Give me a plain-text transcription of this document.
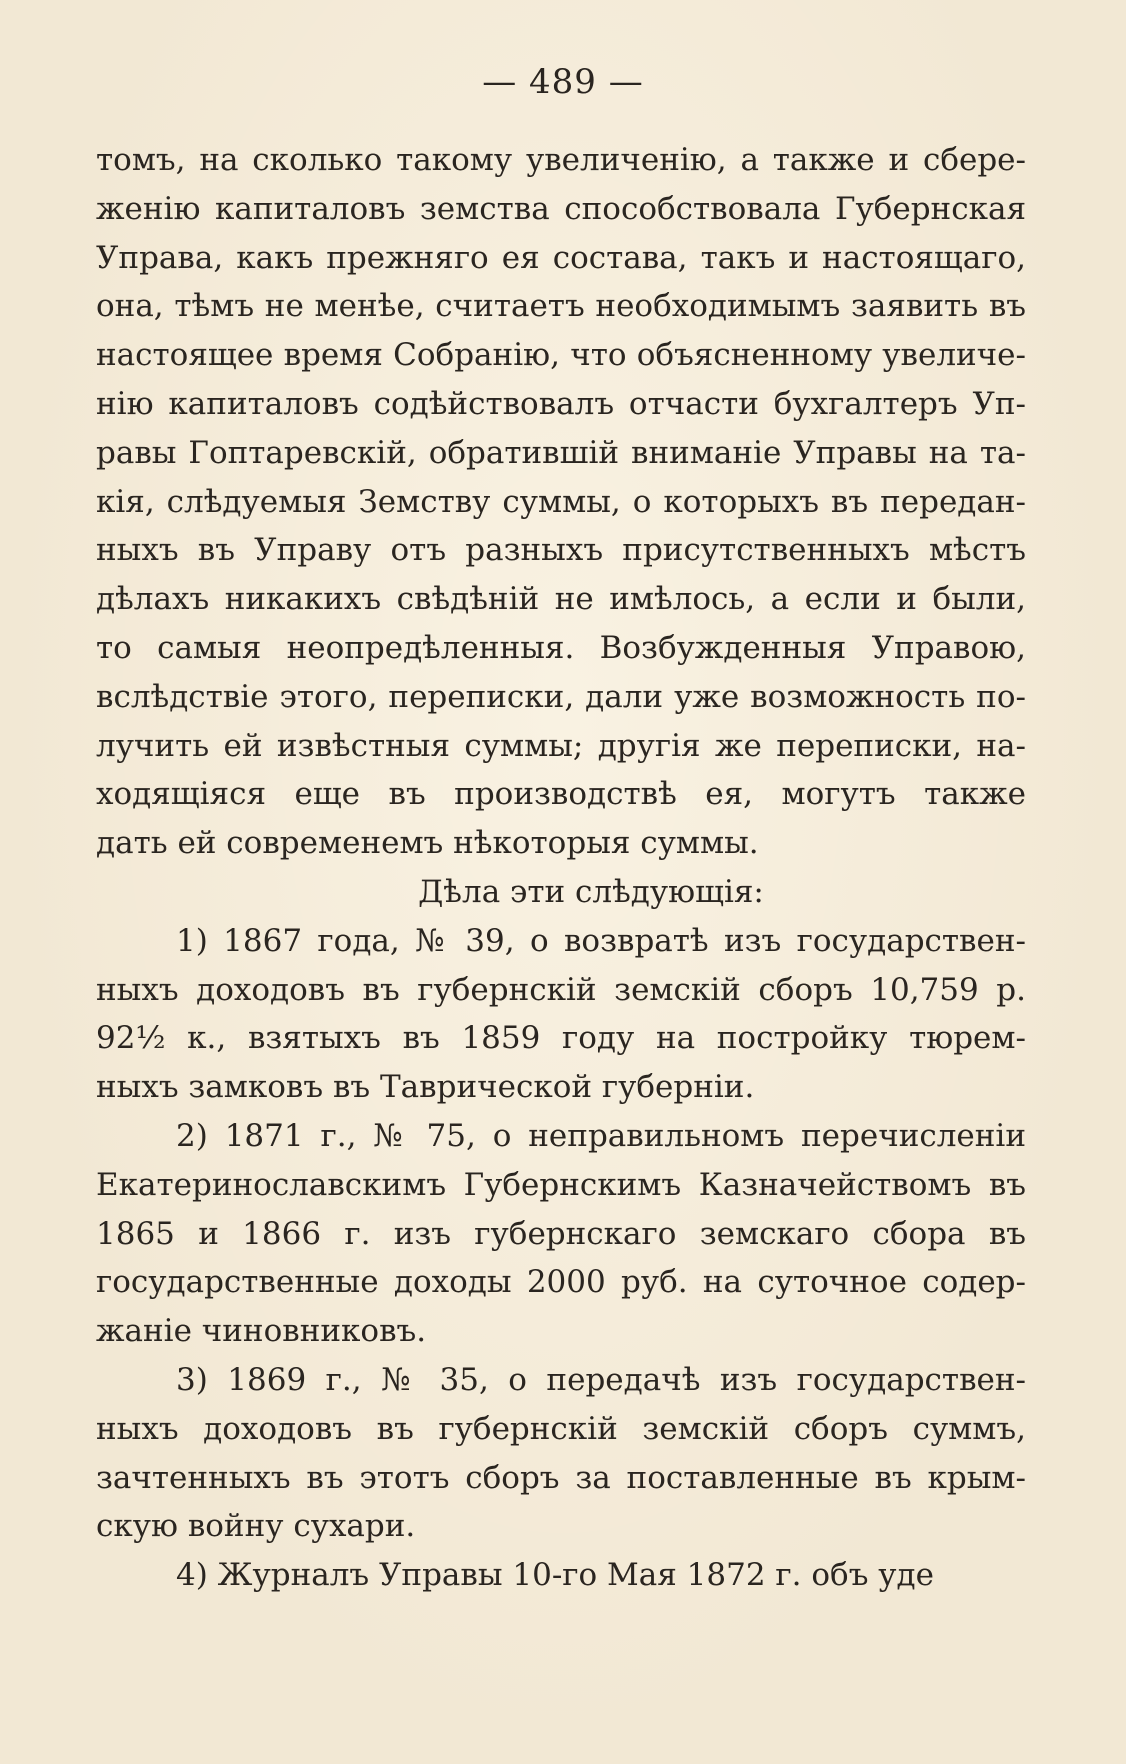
— 489 —
томъ, на сколько такому увеличенію, а также и сбере-
женію капиталовъ земства способствовала Губернская
Управа, какъ прежняго ея состава, такъ и настоящаго,
она, тѣмъ не менѣе, считаетъ необходимымъ заявить въ
настоящее время Собранію, что объясненному увеличе-
нію капиталовъ содѣйствовалъ отчасти бухгалтеръ Уп-
равы Гоптаревскій, обратившій вниманіе Управы на та-
кія, слѣдуемыя Земству суммы, о которыхъ въ передан-
ныхъ въ Управу отъ разныхъ присутственныхъ мѣстъ
дѣлахъ никакихъ свѣдѣній не имѣлось, а если и были,
то самыя неопредѣленныя. Возбужденныя Управою,
вслѣдствіе этого, переписки, дали уже возможность по-
лучить ей извѣстныя суммы; другія же переписки, на-
ходящіяся еще въ производствѣ ея, могутъ также
дать ей современемъ нѣкоторыя суммы.
Дѣла эти слѣдующія:
1) 1867 года, № 39, о возвратѣ изъ государствен-
ныхъ доходовъ въ губернскій земскій сборъ 10,759 р.
92½ к., взятыхъ въ 1859 году на постройку тюрем-
ныхъ замковъ въ Таврической губерніи.
2) 1871 г., № 75, о неправильномъ перечисленіи
Екатеринославскимъ Губернскимъ Казначействомъ въ
1865 и 1866 г. изъ губернскаго земскаго сбора въ
государственные доходы 2000 руб. на суточное содер-
жаніе чиновниковъ.
3) 1869 г., № 35, о передачѣ изъ государствен-
ныхъ доходовъ въ губернскій земскій сборъ суммъ,
зачтенныхъ въ этотъ сборъ за поставленные въ крым-
скую войну сухари.
4) Журналъ Управы 10-го Мая 1872 г. объ уде
